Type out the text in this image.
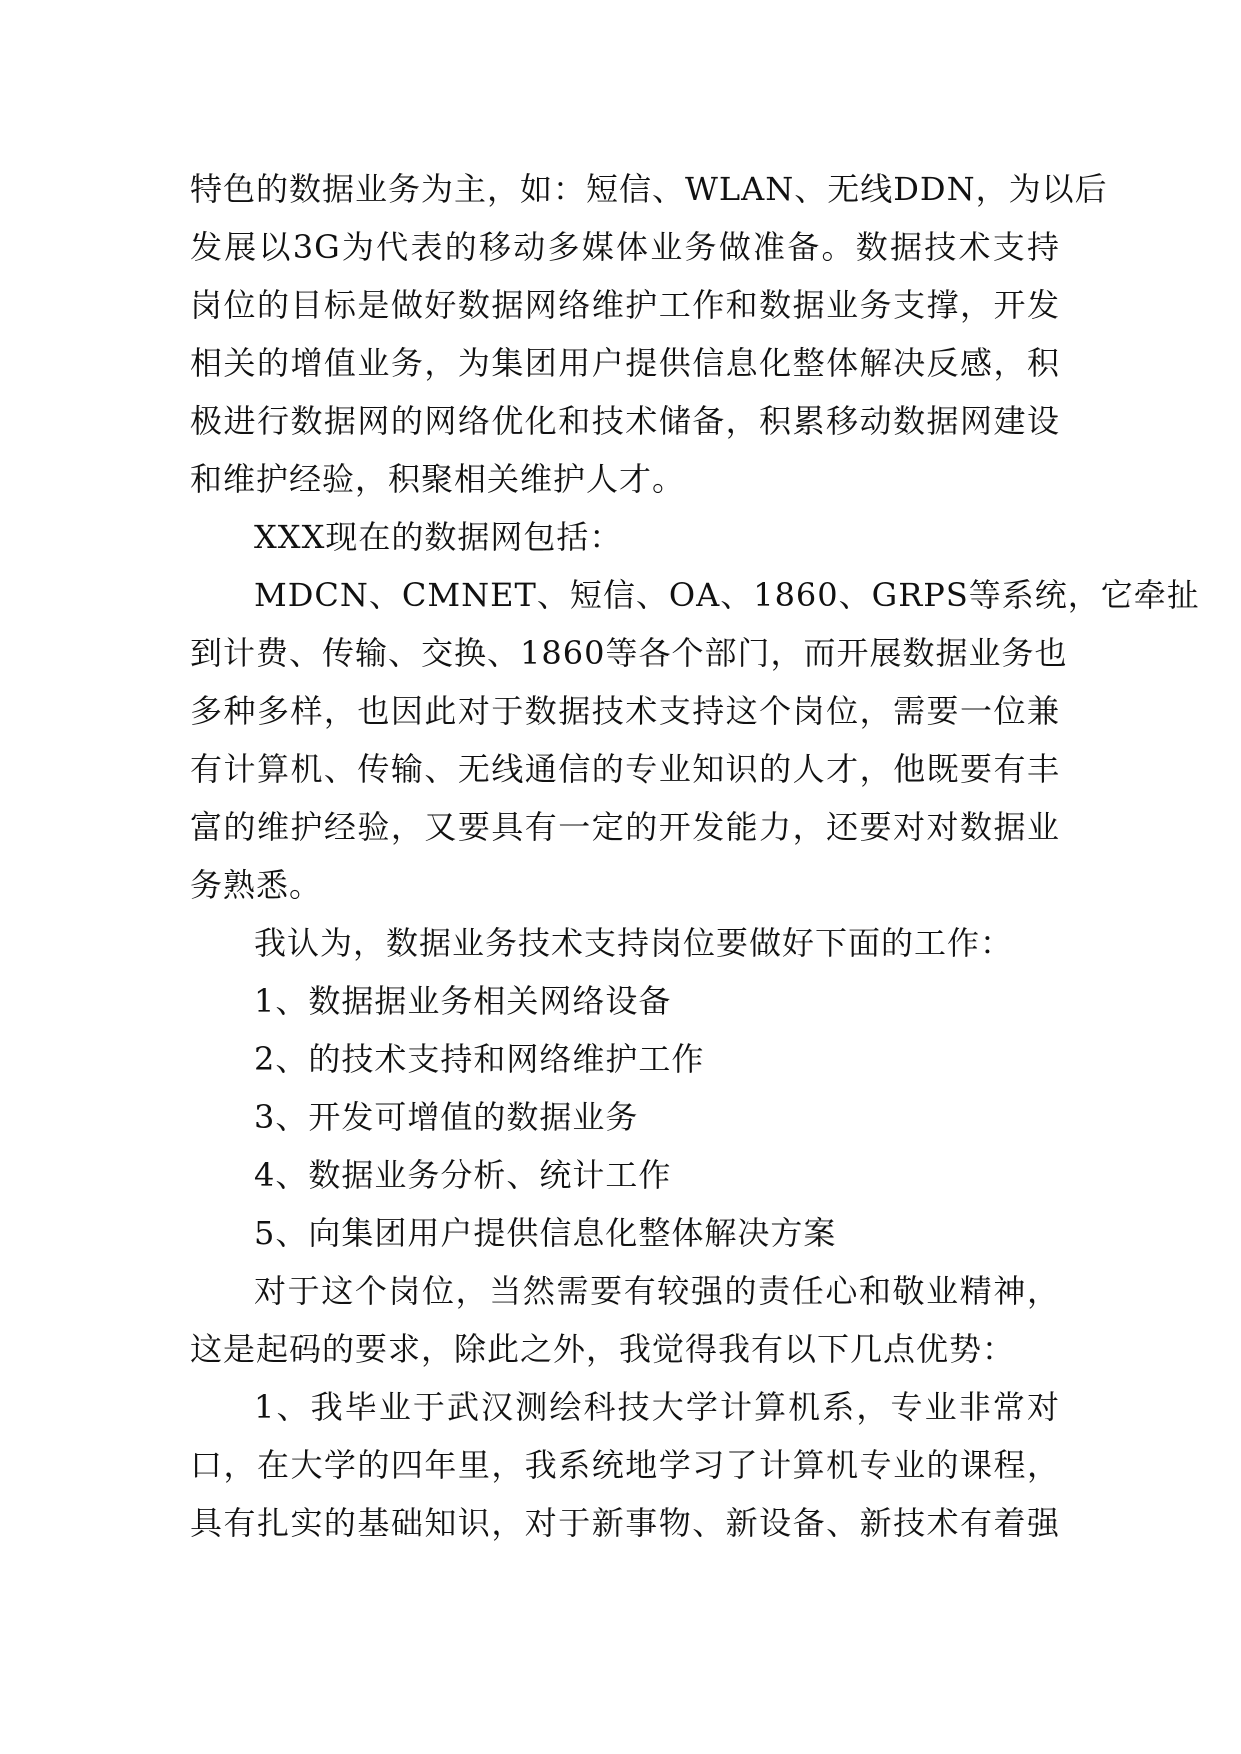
特色的数据业务为主，如：短信、WLAN、无线DDN，为以后
发展以3G为代表的移动多媒体业务做准备。数据技术支持
岗位的目标是做好数据网络维护工作和数据业务支撑，开发
相关的增值业务，为集团用户提供信息化整体解决反感，积
极进行数据网的网络优化和技术储备，积累移动数据网建设
和维护经验，积聚相关维护人才。
XXX现在的数据网包括：
MDCN、CMNET、短信、OA、1860、GRPS等系统，它牵扯
到计费、传输、交换、1860等各个部门，而开展数据业务也
多种多样，也因此对于数据技术支持这个岗位，需要一位兼
有计算机、传输、无线通信的专业知识的人才，他既要有丰
富的维护经验，又要具有一定的开发能力，还要对对数据业
务熟悉。
我认为，数据业务技术支持岗位要做好下面的工作：
1、数据据业务相关网络设备
2、的技术支持和网络维护工作
3、开发可增值的数据业务
4、数据业务分析、统计工作
5、向集团用户提供信息化整体解决方案
对于这个岗位，当然需要有较强的责任心和敬业精神，
这是起码的要求，除此之外，我觉得我有以下几点优势：
1、我毕业于武汉测绘科技大学计算机系，专业非常对
口，在大学的四年里，我系统地学习了计算机专业的课程，
具有扎实的基础知识，对于新事物、新设备、新技术有着强
